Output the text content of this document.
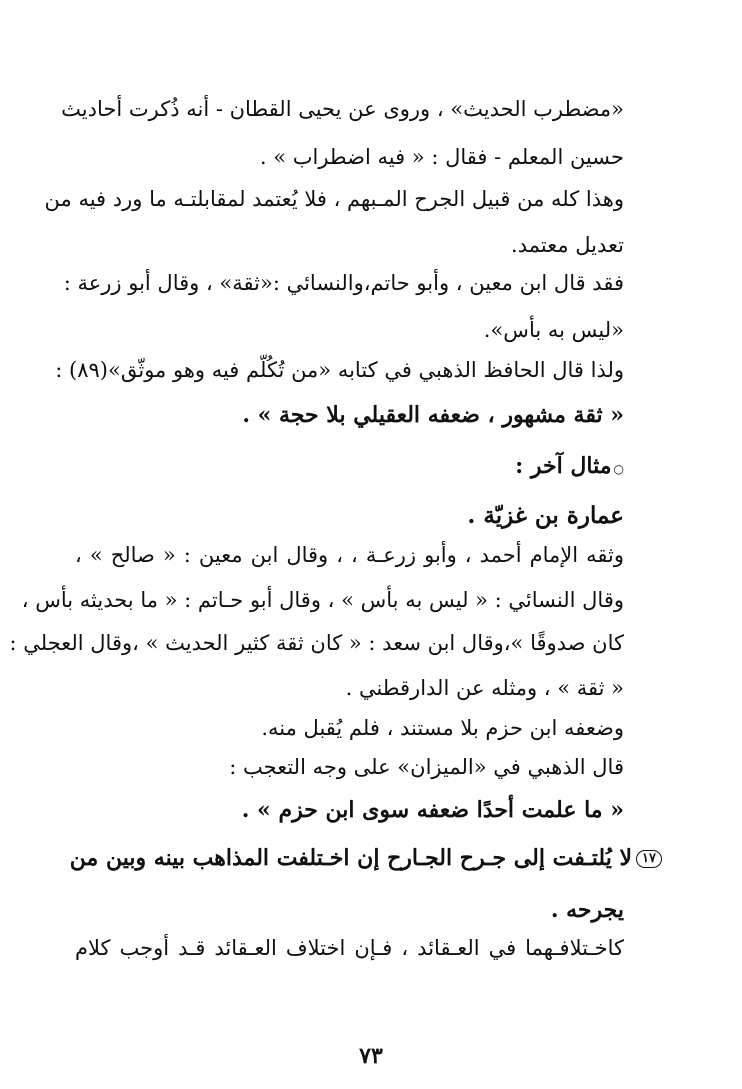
«مضطرب الحديث» ، وروى عن يحيى القطان - أنه ذُكرت أحاديث
حسين المعلم - فقال : « فيه اضطراب » .
وهذا كله من قبيل الجرح المـبهم ، فلا يُعتمد لمقابلتـه ما ورد فيه من
تعديل معتمد.
فقد قال ابن معين ، وأبو حاتم،والنسائي :«ثقة» ، وقال أبو زرعة :
«ليس به بأس».
ولذا قال الحافظ الذهبي في كتابه «من تُكُلّم فيه وهو موثّق»(٨٩) :
« ثقة مشهور ، ضعفه العقيلي بلا حجة » .
○مثال آخر :
عمارة بن غزيّة .
وثقه الإمام أحمد ، وأبو زرعـة ، ، وقال ابن معين : « صالح » ،
وقال النسائي : « ليس به بأس » ، وقال أبو حـاتم : « ما بحديثه بأس ،
كان صدوقًا »،وقال ابن سعد : « كان ثقة كثير الحديث » ،وقال العجلي :
« ثقة » ، ومثله عن الدارقطني .
وضعفه ابن حزم بلا مستند ، فلم يُقبل منه.
قال الذهبي في «الميزان» على وجه التعجب :
« ما علمت أحدًا ضعفه سوى ابن حزم » .
١٧لا يُلتـفت إلى جـرح الجـارح إن اخـتلفت المذاهب بينه وبين من
يجرحه .
كاخـتلافـهما في العـقائد ، فـإن اختلاف العـقائد قـد أوجب كلام
٧٣
